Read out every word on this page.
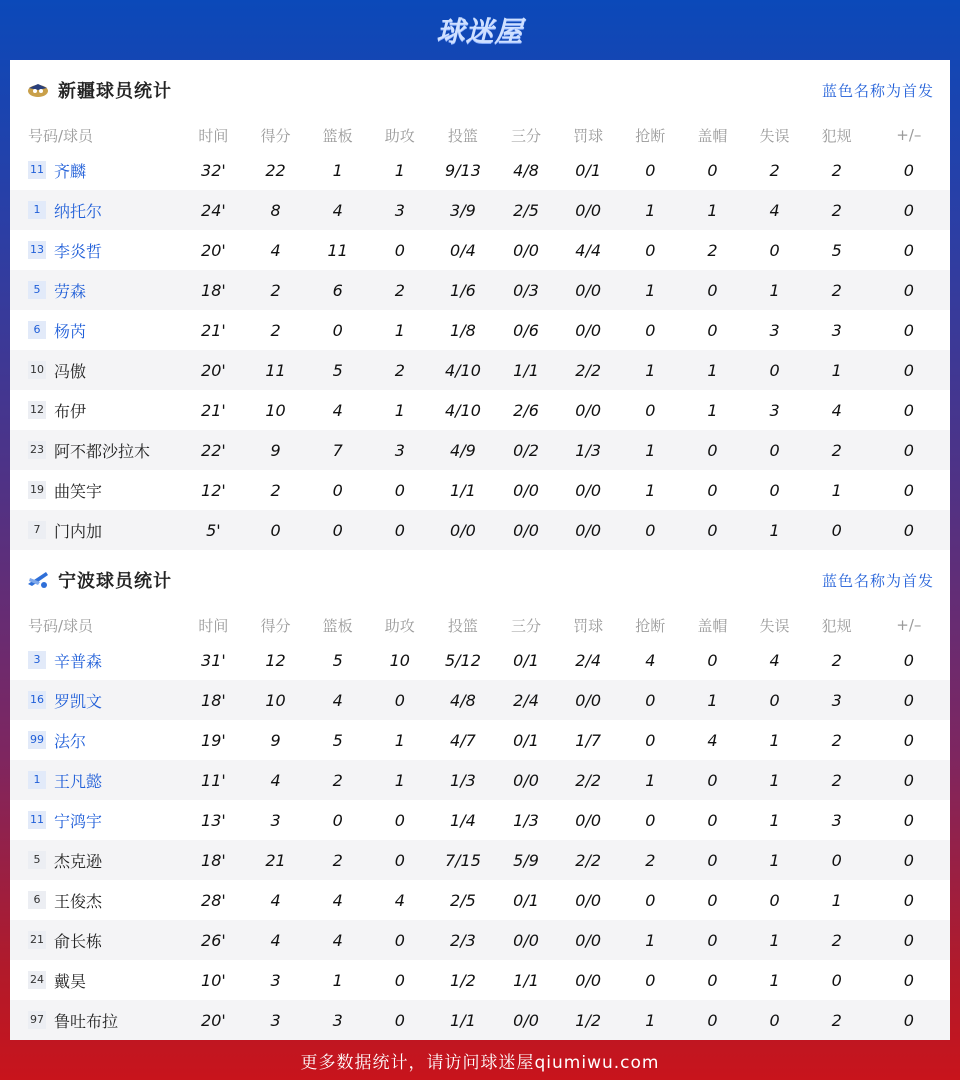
球迷屋
新疆球员统计	蓝色名称为首发
号码/球员	时间	得分	篮板	助攻	投篮	三分	罚球	抢断	盖帽	失误	犯规	+/–
11 齐麟	32'	22	1	1	9/13	4/8	0/1	0	0	2	2	0
1 纳托尔	24'	8	4	3	3/9	2/5	0/0	1	1	4	2	0
13 李炎哲	20'	4	11	0	0/4	0/0	4/4	0	2	0	5	0
5 劳森	18'	2	6	2	1/6	0/3	0/0	1	0	1	2	0
6 杨芮	21'	2	0	1	1/8	0/6	0/0	0	0	3	3	0
10 冯傲	20'	11	5	2	4/10	1/1	2/2	1	1	0	1	0
12 布伊	21'	10	4	1	4/10	2/6	0/0	0	1	3	4	0
23 阿不都沙拉木	22'	9	7	3	4/9	0/2	1/3	1	0	0	2	0
19 曲笑宇	12'	2	0	0	1/1	0/0	0/0	1	0	0	1	0
7 门内加	5'	0	0	0	0/0	0/0	0/0	0	0	1	0	0
宁波球员统计	蓝色名称为首发
号码/球员	时间	得分	篮板	助攻	投篮	三分	罚球	抢断	盖帽	失误	犯规	+/–
3 辛普森	31'	12	5	10	5/12	0/1	2/4	4	0	4	2	0
16 罗凯文	18'	10	4	0	4/8	2/4	0/0	0	1	0	3	0
99 法尔	19'	9	5	1	4/7	0/1	1/7	0	4	1	2	0
1 王凡懿	11'	4	2	1	1/3	0/0	2/2	1	0	1	2	0
11 宁鸿宇	13'	3	0	0	1/4	1/3	0/0	0	0	1	3	0
5 杰克逊	18'	21	2	0	7/15	5/9	2/2	2	0	1	0	0
6 王俊杰	28'	4	4	4	2/5	0/1	0/0	0	0	0	1	0
21 俞长栋	26'	4	4	0	2/3	0/0	0/0	1	0	1	2	0
24 戴昊	10'	3	1	0	1/2	1/1	0/0	0	0	1	0	0
97 鲁吐布拉	20'	3	3	0	1/1	0/0	1/2	1	0	0	2	0
更多数据统计，请访问球迷屋qiumiwu.com
